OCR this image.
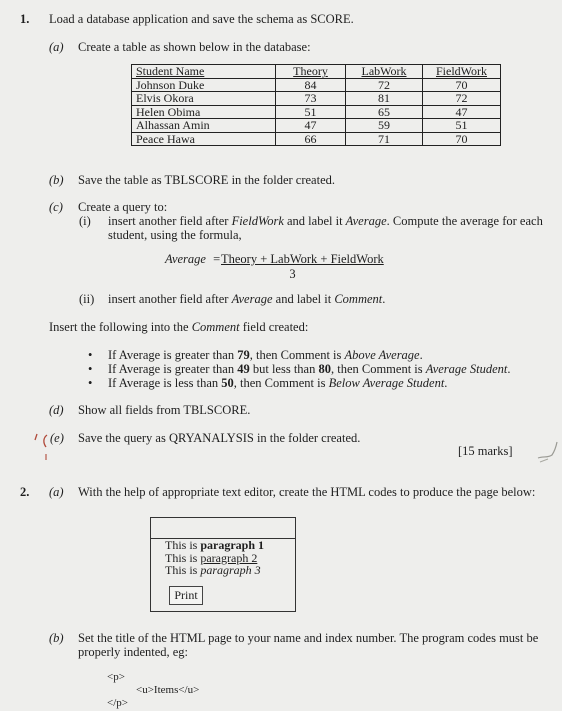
1. Load a database application and save the schema as SCORE.
(a) Create a table as shown below in the database:
Student Name	Theory	LabWork	FieldWork
Johnson Duke	84	72	70
Elvis Okora	73	81	72
Helen Obima	51	65	47
Alhassan Amin	47	59	51
Peace Hawa	66	71	70
(b) Save the table as TBLSCORE in the folder created.
(c) Create a query to:
(i) insert another field after FieldWork and label it Average. Compute the average for each
student, using the formula,
Average = Theory + LabWork + FieldWork
3
(ii) insert another field after Average and label it Comment.
Insert the following into the Comment field created:
• If Average is greater than 79, then Comment is Above Average.
• If Average is greater than 49 but less than 80, then Comment is Average Student.
• If Average is less than 50, then Comment is Below Average Student.
(d) Show all fields from TBLSCORE.
(e) Save the query as QRYANALYSIS in the folder created.
[15 marks]
2. (a) With the help of appropriate text editor, create the HTML codes to produce the page below:
This is paragraph 1
This is paragraph 2
This is paragraph 3
Print
(b) Set the title of the HTML page to your name and index number. The program codes must be
properly indented, eg:
<p>
<u>Items</u>
</p>
